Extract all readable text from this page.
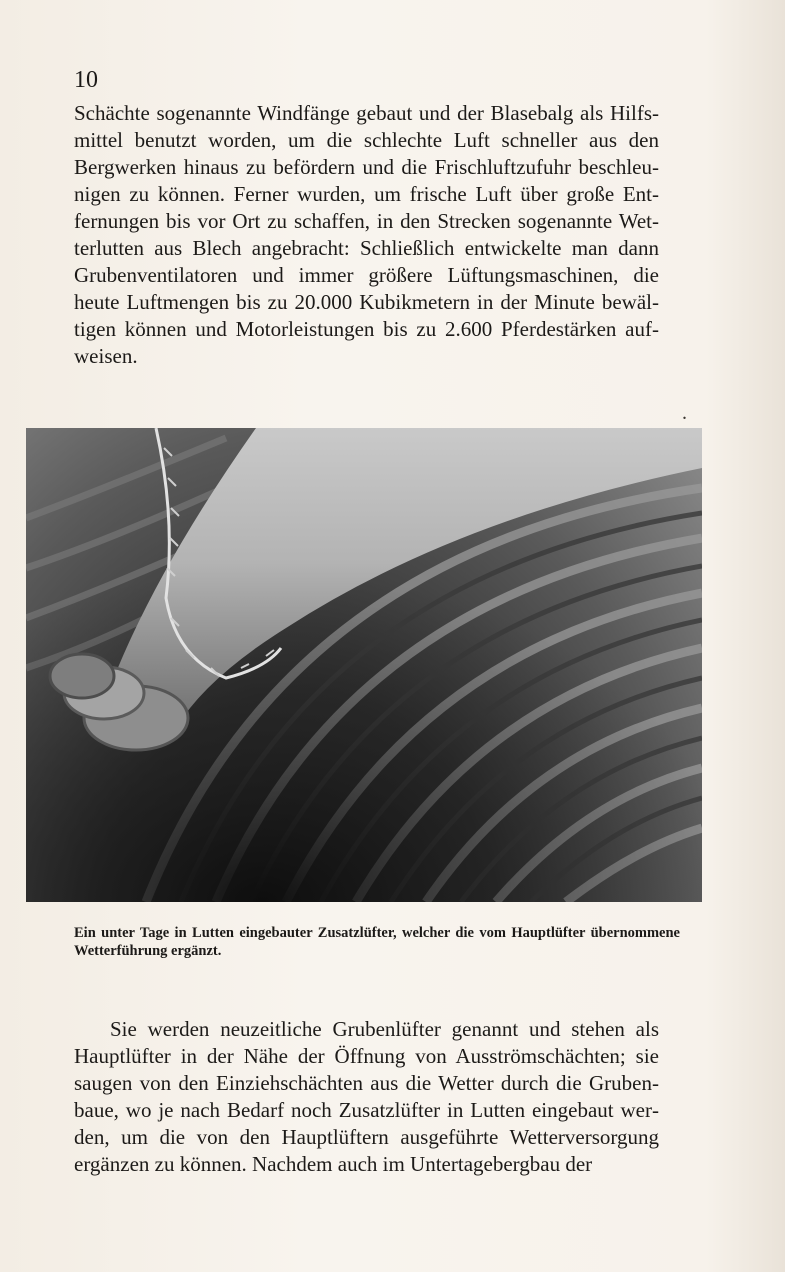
10
Schächte sogenannte Windfänge gebaut und der Blasebalg als Hilfsmittel benutzt worden, um die schlechte Luft schneller aus den Bergwerken hinaus zu befördern und die Frischluftzufuhr beschleunigen zu können. Ferner wurden, um frische Luft über große Entfernungen bis vor Ort zu schaffen, in den Strecken sogenannte Wetterlutten aus Blech angebracht: Schließlich entwickelte man dann Grubenventilatoren und immer größere Lüftungsmaschinen, die heute Luftmengen bis zu 20.000 Kubikmetern in der Minute bewältigen können und Motorleistungen bis zu 2.600 Pferdestärken aufweisen.
.
Ein unter Tage in Lutten eingebauter Zusatzlüfter, welcher die vom Hauptlüfter übernommene Wetterführung ergänzt.
Sie werden neuzeitliche Grubenlüfter genannt und stehen als Hauptlüfter in der Nähe der Öffnung von Ausströmschächten; sie saugen von den Einziehschächten aus die Wetter durch die Grubenbaue, wo je nach Bedarf noch Zusatzlüfter in Lutten eingebaut werden, um die von den Hauptlüftern ausgeführte Wetterversorgung ergänzen zu können. Nachdem auch im Untertagebergbau der
